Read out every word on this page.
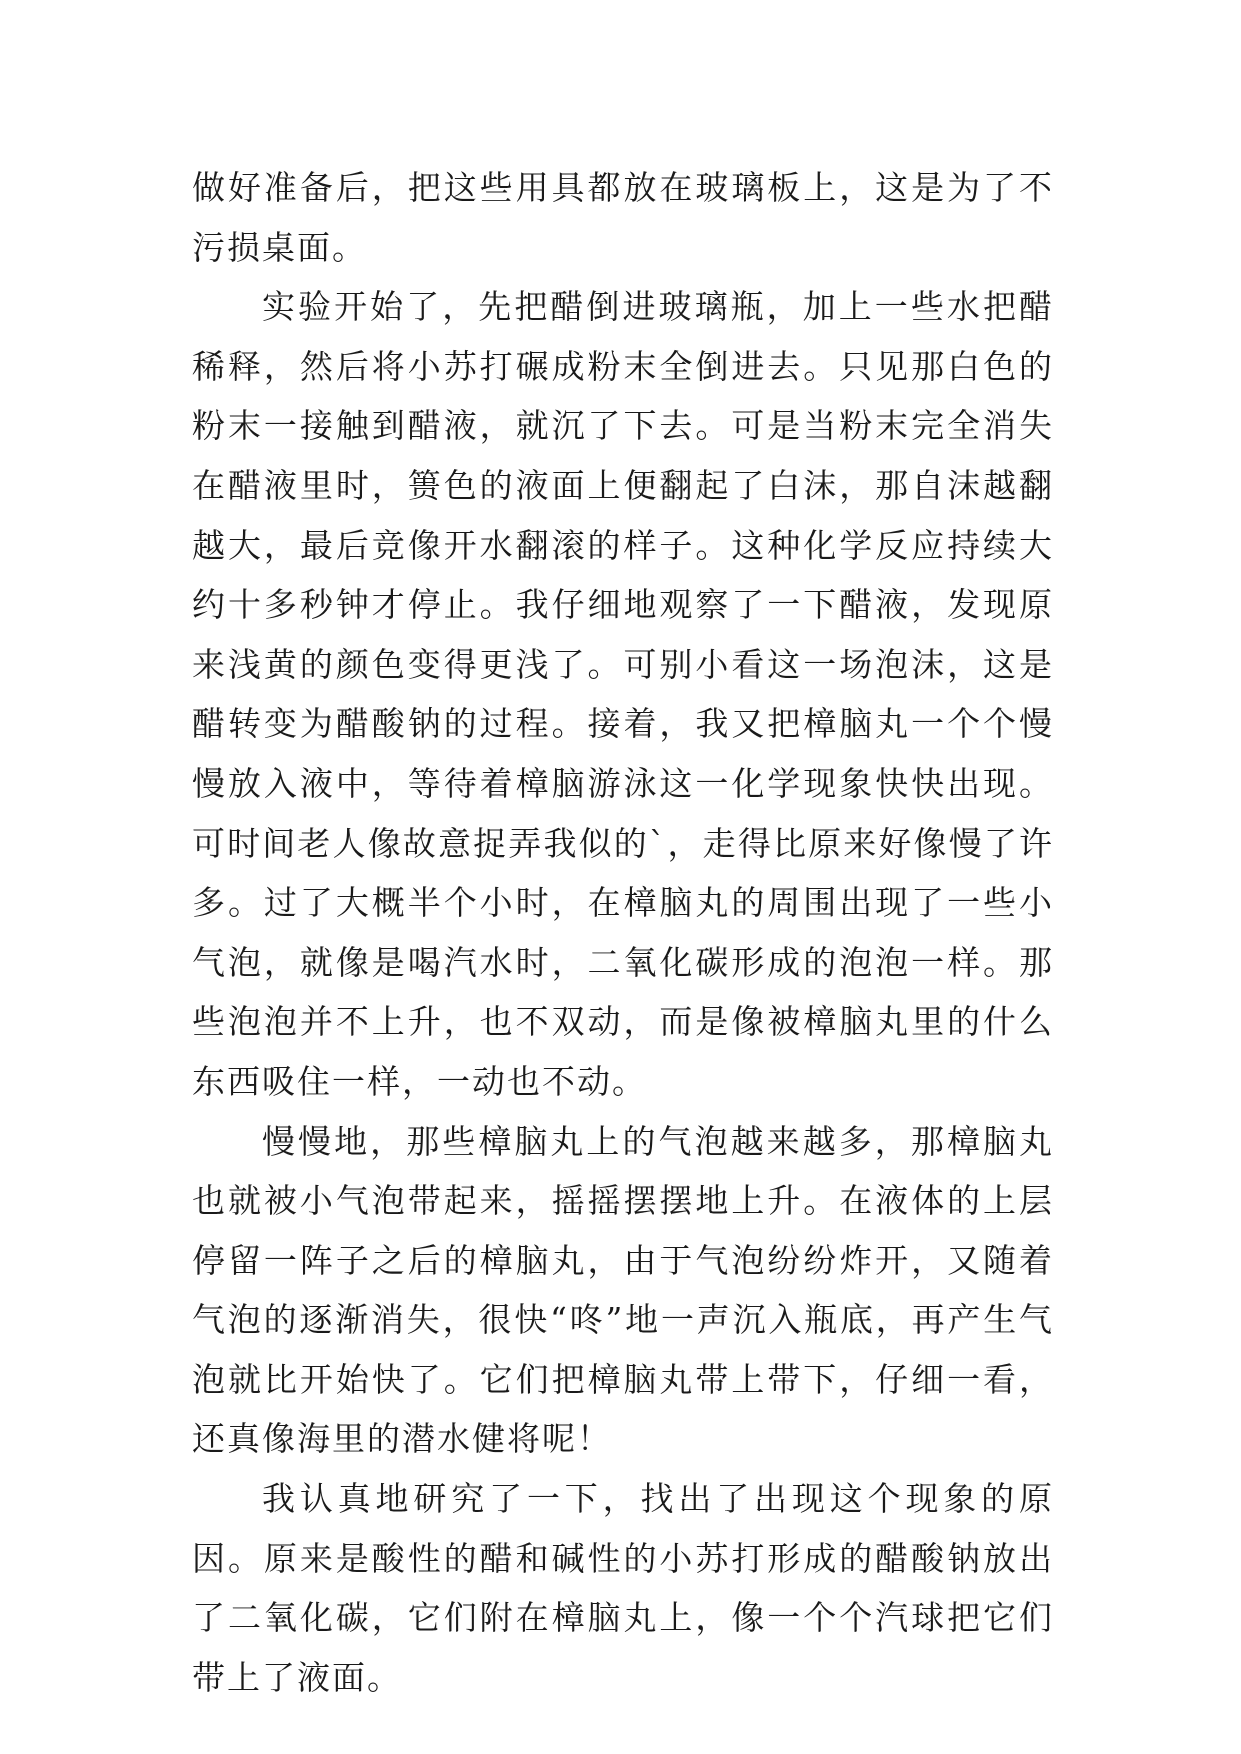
做好准备后，把这些用具都放在玻璃板上，这是为了不污损桌面。

实验开始了，先把醋倒进玻璃瓶，加上一些水把醋稀释，然后将小苏打碾成粉末全倒进去。只见那白色的粉末一接触到醋液，就沉了下去。可是当粉末完全消失在醋液里时，篑色的液面上便翻起了白沫，那自沫越翻越大，最后竞像开水翻滚的样子。这种化学反应持续大约十多秒钟才停止。我仔细地观察了一下醋液，发现原来浅黄的颜色变得更浅了。可别小看这一场泡沫，这是醋转变为醋酸钠的过程。接着，我又把樟脑丸一个个慢慢放入液中，等待着樟脑游泳这一化学现象快快出现。可时间老人像故意捉弄我似的`，走得比原来好像慢了许多。过了大概半个小时，在樟脑丸的周围出现了一些小气泡，就像是喝汽水时，二氧化碳形成的泡泡一样。那些泡泡并不上升，也不双动，而是像被樟脑丸里的什么东西吸住一样，一动也不动。

慢慢地，那些樟脑丸上的气泡越来越多，那樟脑丸也就被小气泡带起来，摇摇摆摆地上升。在液体的上层停留一阵子之后的樟脑丸，由于气泡纷纷炸开，又随着气泡的逐渐消失，很快“咚”地一声沉入瓶底，再产生气泡就比开始快了。它们把樟脑丸带上带下，仔细一看，还真像海里的潜水健将呢！

我认真地研究了一下，找出了出现这个现象的原因。原来是酸性的醋和碱性的小苏打形成的醋酸钠放出了二氧化碳，它们附在樟脑丸上，像一个个汽球把它们带上了液面。
